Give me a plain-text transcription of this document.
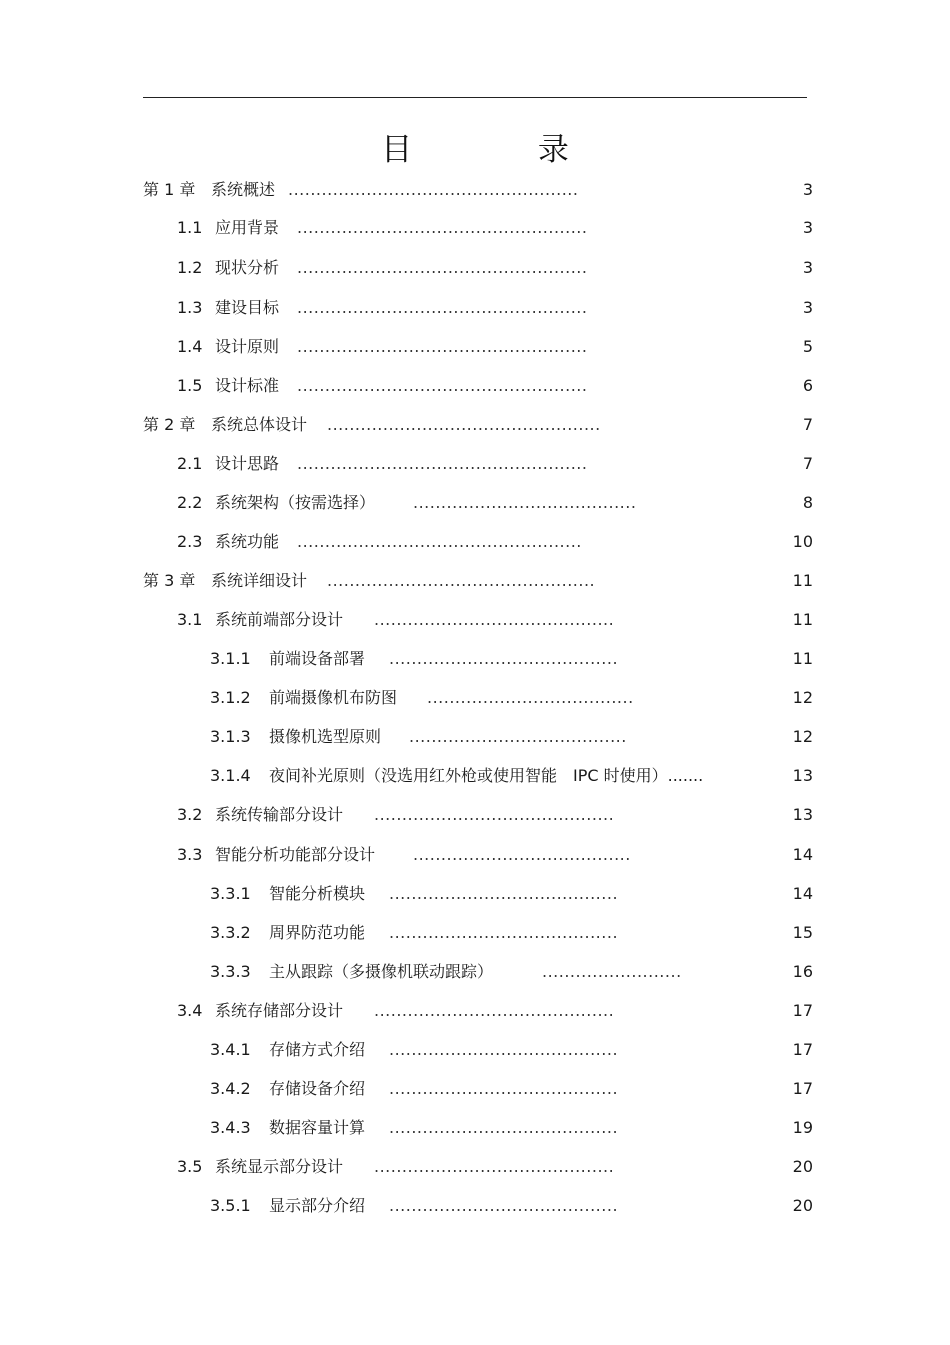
目 录
第 1 章 系统概述 ....................................................	3
1.1 应用背景 ....................................................	3
1.2 现状分析 ....................................................	3
1.3 建设目标 ....................................................	3
1.4 设计原则 ....................................................	5
1.5 设计标准 ....................................................	6
第 2 章 系统总体设计 .................................................	7
2.1 设计思路 ....................................................	7
2.2 系统架构（按需选择） ........................................	8
2.3 系统功能 ...................................................	10
第 3 章 系统详细设计 ................................................	11
3.1 系统前端部分设计 ...........................................	11
3.1.1 前端设备部署 .........................................	11
3.1.2 前端摄像机布防图 .....................................	12
3.1.3 摄像机选型原则 .......................................	12
3.1.4 夜间补光原则（没选用红外枪或使用智能　IPC 时使用）.......	13
3.2 系统传输部分设计 ...........................................	13
3.3 智能分析功能部分设计 .......................................	14
3.3.1 智能分析模块 .........................................	14
3.3.2 周界防范功能 .........................................	15
3.3.3 主从跟踪（多摄像机联动跟踪）	.........................	16
3.4 系统存储部分设计 ...........................................	17
3.4.1 存储方式介绍 .........................................	17
3.4.2 存储设备介绍 .........................................	17
3.4.3 数据容量计算 .........................................	19
3.5 系统显示部分设计 ...........................................	20
3.5.1 显示部分介绍 .........................................	20
